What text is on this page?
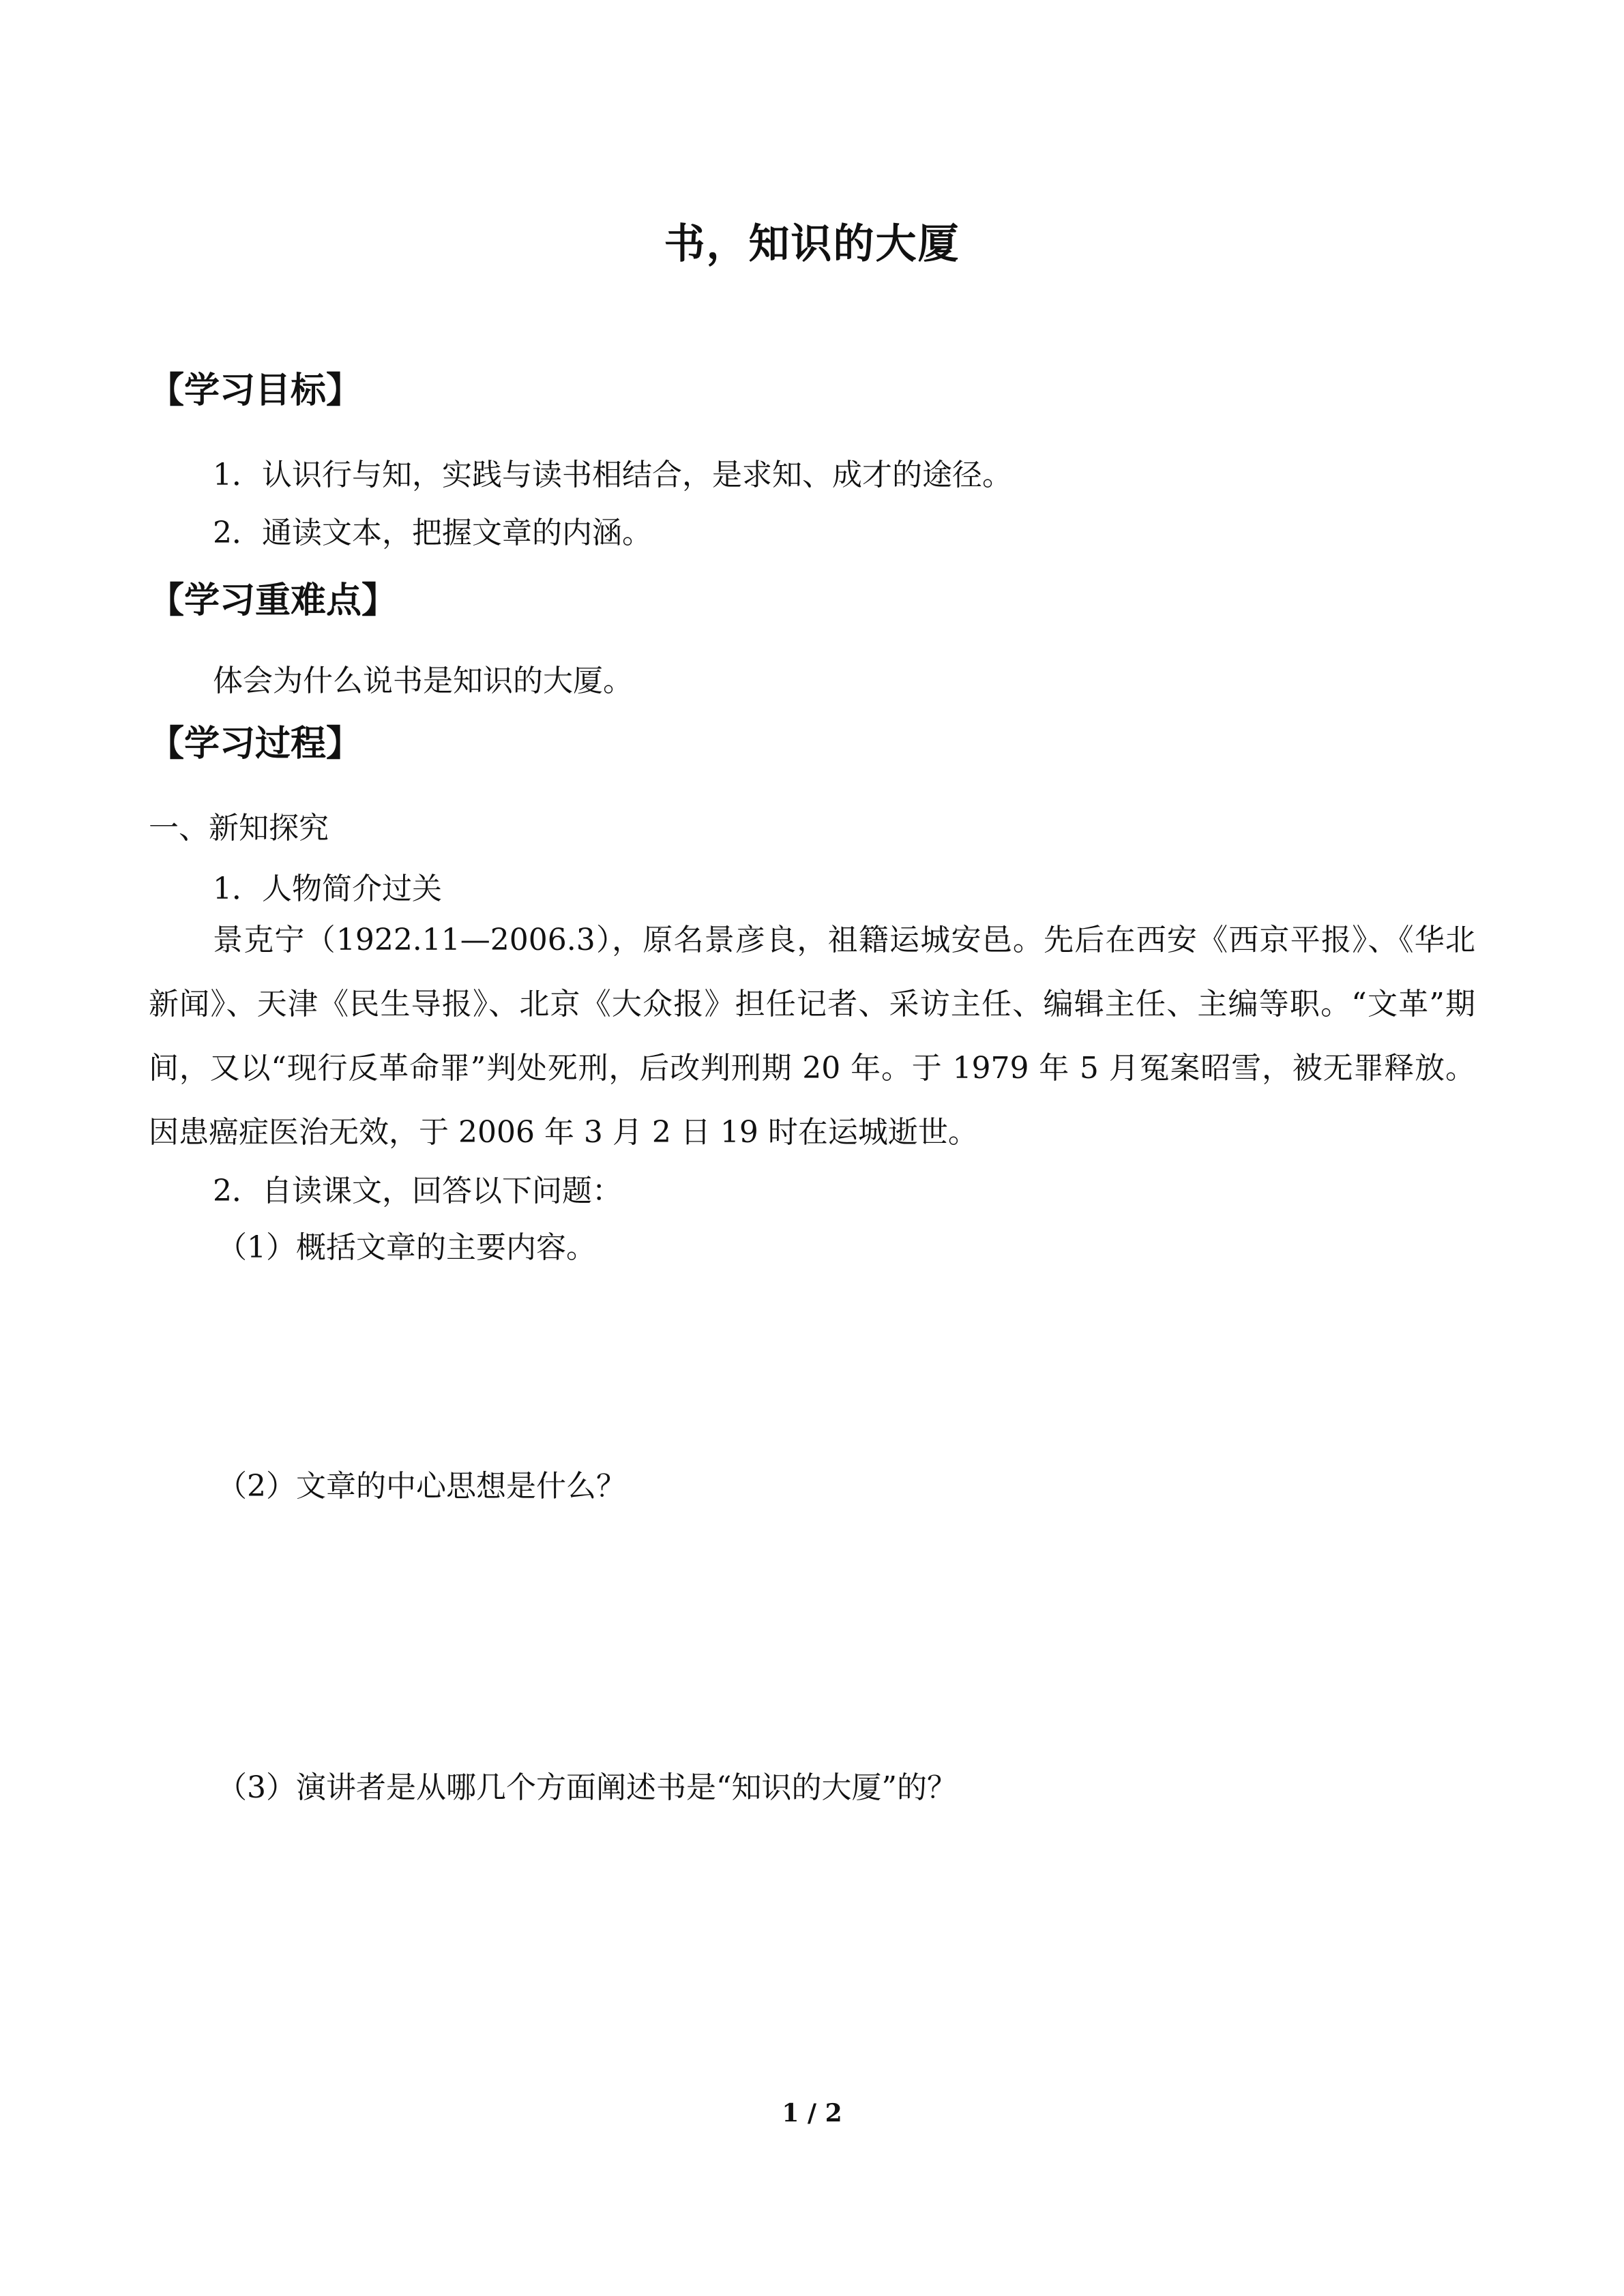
书，知识的大厦
【学习目标】
1．认识行与知，实践与读书相结合，是求知、成才的途径。
2．通读文本，把握文章的内涵。
【学习重难点】
体会为什么说书是知识的大厦。
【学习过程】
一、新知探究
1．人物简介过关
景克宁（1922.11—2006.3），原名景彦良，祖籍运城安邑。先后在西安《西京平报》、《华北新闻》、天津《民生导报》、北京《大众报》担任记者、采访主任、编辑主任、主编等职。“文革”期间，又以“现行反革命罪”判处死刑，后改判刑期 20 年。于 1979 年 5 月冤案昭雪，被无罪释放。因患癌症医治无效，于 2006 年 3 月 2 日 19 时在运城逝世。
2．自读课文，回答以下问题：
（1）概括文章的主要内容。
（2）文章的中心思想是什么？
（3）演讲者是从哪几个方面阐述书是“知识的大厦”的？
1 / 2
